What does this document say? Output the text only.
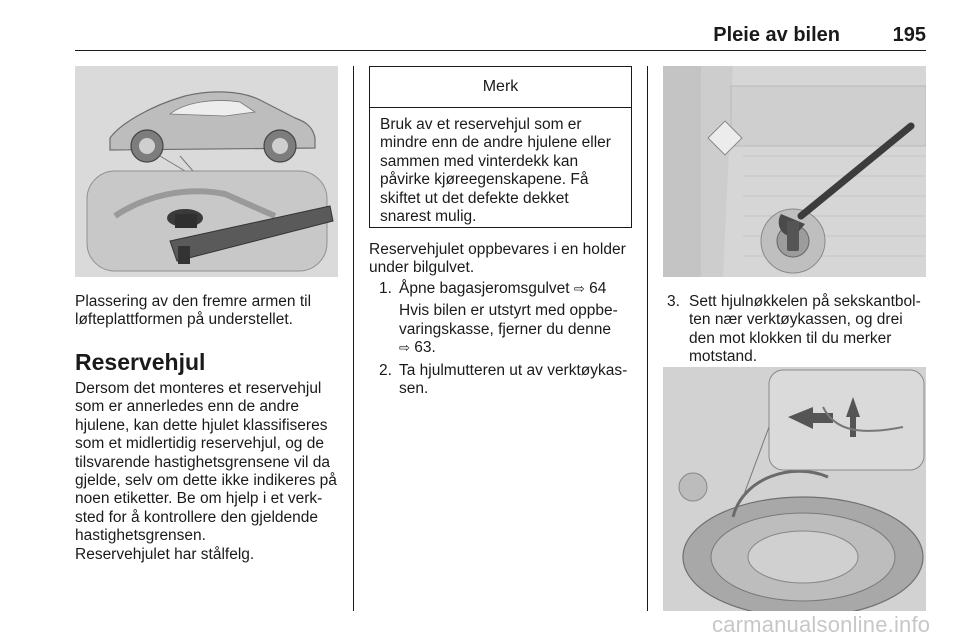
Pleie av bilen	195

Plassering av den fremre armen til løfteplattformen på understellet.

Reservehjul

Dersom det monteres et reservehjul som er annerledes enn de andre hjulene, kan dette hjulet klassifiseres som et midlertidig reservehjul, og de tilsvarende hastighetsgrensene vil da gjelde, selv om dette ikke indikeres på noen etiketter. Be om hjelp i et verk- sted for å kontrollere den gjeldende hastighetsgrensen.

Reservehjulet har stålfelg.

Merk
Bruk av et reservehjul som er mindre enn de andre hjulene eller sammen med vinterdekk kan påvirke kjøreegenskapene. Få skiftet ut det defekte dekket snarest mulig.

Reservehjulet oppbevares i en holder under bilgulvet.

1. Åpne bagasjeromsgulvet ⇨ 64
Hvis bilen er utstyrt med oppbe- varingskasse, fjerner du denne
⇨ 63.
2. Ta hjulmutteren ut av verktøykas- sen.
3. Sett hjulnøkkelen på sekskantbol- ten nær verktøykassen, og drei den mot klokken til du merker motstand.
carmanualsonline.info
